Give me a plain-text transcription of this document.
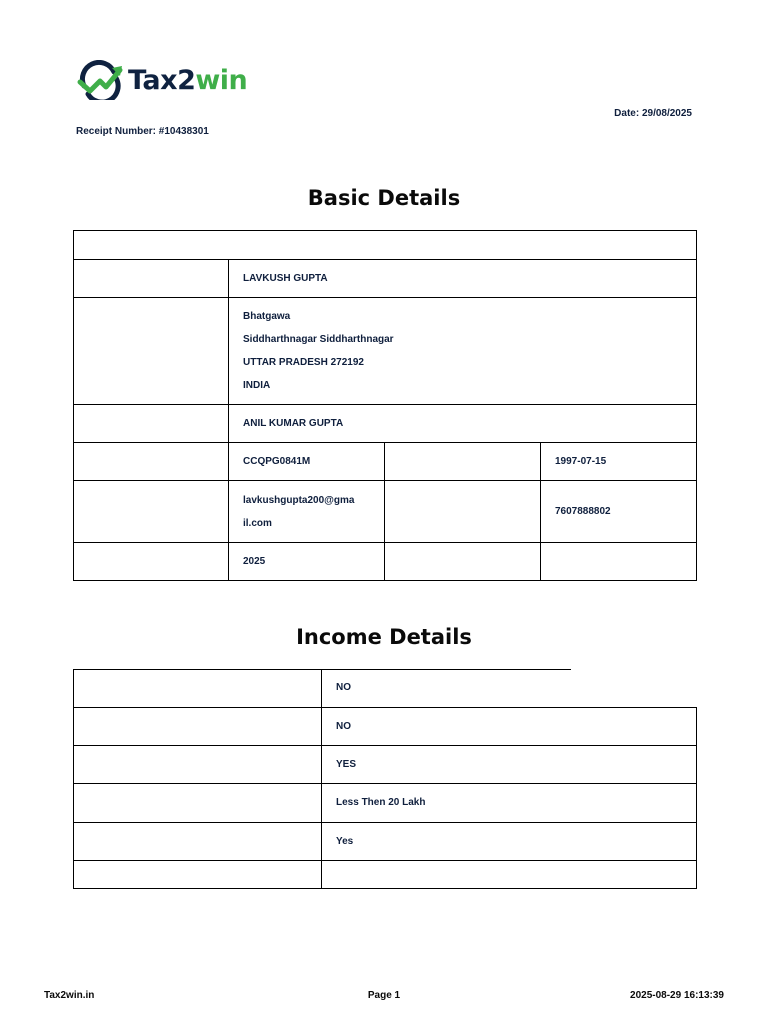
Tax2win
Date: 29/08/2025
Receipt Number: #10438301
Basic Details

	LAVKUSH GUPTA		

	Bhatgawa
Siddharthnagar Siddharthnagar
UTTAR PRADESH 272192
INDIA		

	ANIL KUMAR GUPTA		
	CCQPG0841M		1997-07-15

	lavkushgupta200@gma
il.com		7607888802
	2025		
Income Details
	NO
	NO
	YES
	Less Then 20 Lakh
	Yes

Tax2win.in	Page 1	2025-08-29 16:13:39
